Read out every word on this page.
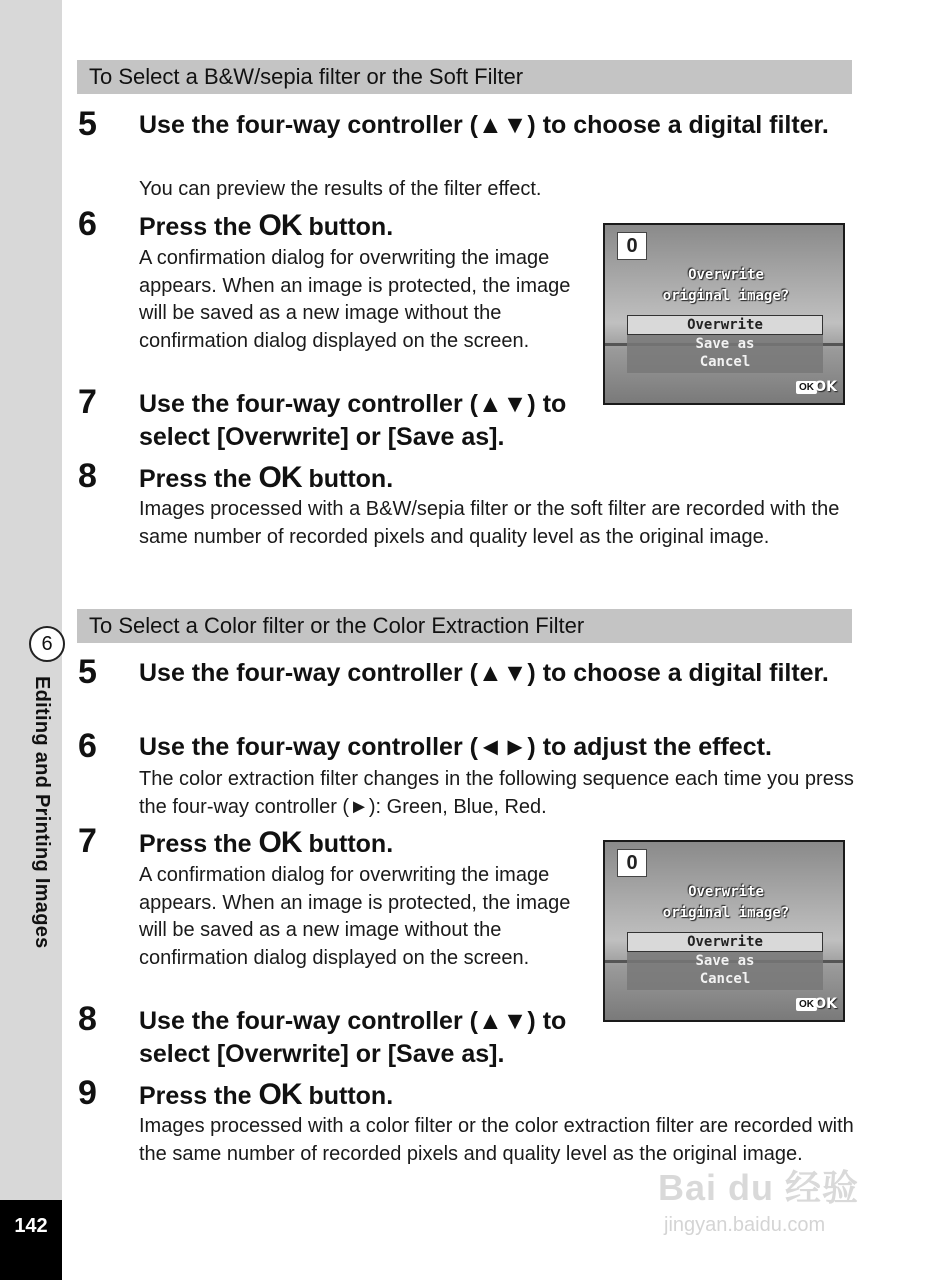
6
Editing and Printing Images
142
To Select a B&W/sepia filter or the Soft Filter
5 Use the four-way controller (▲▼) to choose a digital filter.
You can preview the results of the filter effect.
6 Press the OK button.
A confirmation dialog for overwriting the image appears. When an image is protected, the image will be saved as a new image without the confirmation dialog displayed on the screen.
7 Use the four-way controller (▲▼) to select [Overwrite] or [Save as].
8 Press the OK button.
Images processed with a B&W/sepia filter or the soft filter are recorded with the same number of recorded pixels and quality level as the original image.
0
Overwrite
original image?
Overwrite
Save as
Cancel
OK OK
To Select a Color filter or the Color Extraction Filter
5 Use the four-way controller (▲▼) to choose a digital filter.
6 Use the four-way controller (◄►) to adjust the effect.
The color extraction filter changes in the following sequence each time you press the four-way controller (►): Green, Blue, Red.
7 Press the OK button.
A confirmation dialog for overwriting the image appears. When an image is protected, the image will be saved as a new image without the confirmation dialog displayed on the screen.
8 Use the four-way controller (▲▼) to select [Overwrite] or [Save as].
9 Press the OK button.
Images processed with a color filter or the color extraction filter are recorded with the same number of recorded pixels and quality level as the original image.
0
Overwrite
original image?
Overwrite
Save as
Cancel
OK OK
Bai du 经验
jingyan.baidu.com
